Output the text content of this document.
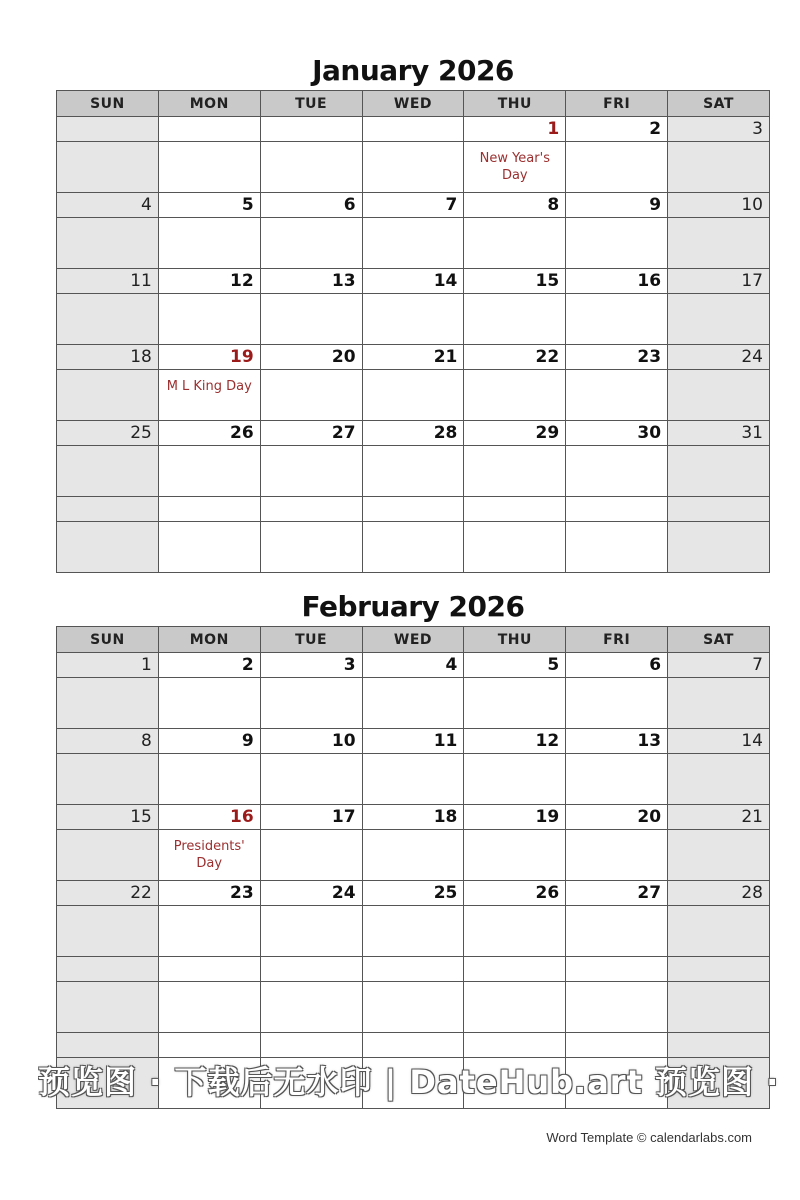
January 2026
SUN	MON	TUE	WED	THU	FRI	SAT
				1	2	3

				New Year's Day		

4	5	6	7	8	9	10

11	12	13	14	15	16	17

18	19	20	21	22	23	24

	M L King Day					

25	26	27	28	29	30	31

February 2026
SUN	MON	TUE	WED	THU	FRI	SAT
1	2	3	4	5	6	7

8	9	10	11	12	13	14

15	16	17	18	19	20	21

	Presidents' Day					

22	23	24	25	26	27	28

预览图 · 下载后无水印 | DateHub.art 预览图 ·
Word Template © calendarlabs.com
